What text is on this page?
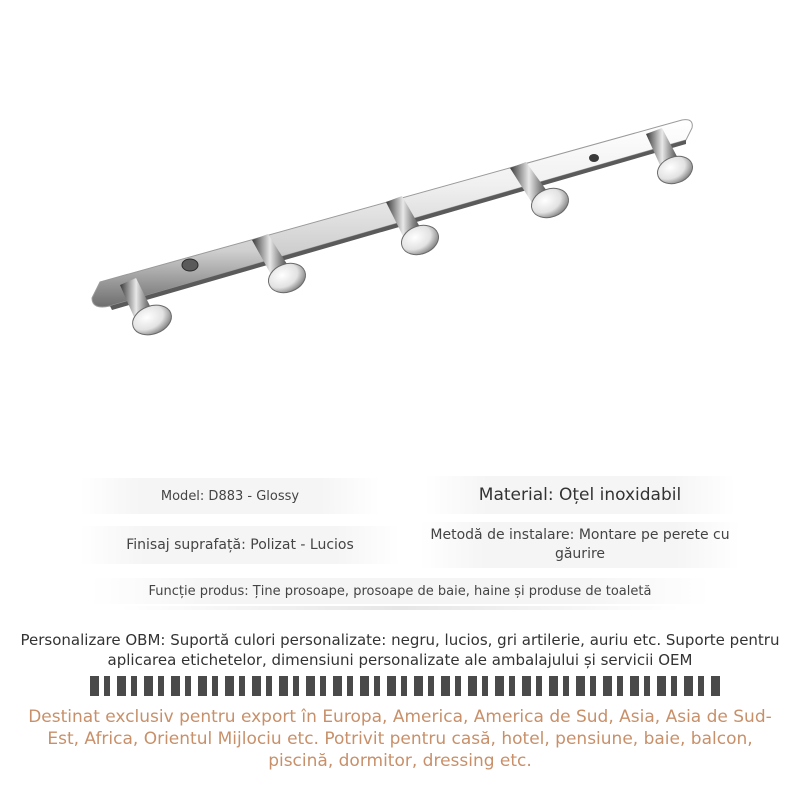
Model: D883 - Glossy	Material: Oțel inoxidabil
Finisaj suprafață: Polizat - Lucios
Metodă de instalare: Montare pe perete cu găurire
Funcție produs: Ține prosoape, prosoape de baie, haine și produse de toaletă
Personalizare OBM: Suportă culori personalizate: negru, lucios, gri artilerie, auriu etc. Suporte pentru aplicarea etichetelor, dimensiuni personalizate ale ambalajului și servicii OEM
Destinat exclusiv pentru export în Europa, America, America de Sud, Asia, Asia de Sud-Est, Africa, Orientul Mijlociu etc. Potrivit pentru casă, hotel, pensiune, baie, balcon, piscină, dormitor, dressing etc.
